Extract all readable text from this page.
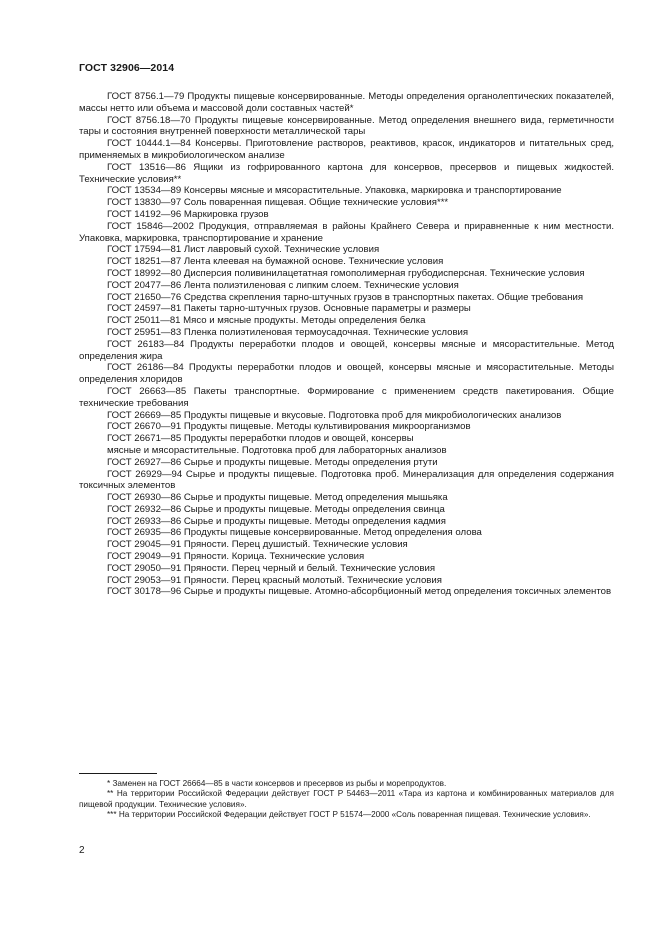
ГОСТ 32906—2014
ГОСТ 8756.1—79 Продукты пищевые консервированные. Методы определения органолептических показателей, массы нетто или объема и массовой доли составных частей*
ГОСТ 8756.18—70 Продукты пищевые консервированные. Метод определения внешнего вида, герметичности тары и состояния внутренней поверхности металлической тары
ГОСТ 10444.1—84 Консервы. Приготовление растворов, реактивов, красок, индикаторов и питательных сред, применяемых в микробиологическом анализе
ГОСТ 13516—86 Ящики из гофрированного картона для консервов, пресервов и пищевых жидкостей. Технические условия**
ГОСТ 13534—89 Консервы мясные и мясорастительные. Упаковка, маркировка и транспортирование
ГОСТ 13830—97 Соль поваренная пищевая. Общие технические условия***
ГОСТ 14192—96 Маркировка грузов
ГОСТ 15846—2002 Продукция, отправляемая в районы Крайнего Севера и приравненные к ним местности. Упаковка, маркировка, транспортирование и хранение
ГОСТ 17594—81 Лист лавровый сухой. Технические условия
ГОСТ 18251—87 Лента клеевая на бумажной основе. Технические условия
ГОСТ 18992—80 Дисперсия поливинилацетатная гомополимерная грубодисперсная. Технические условия
ГОСТ 20477—86 Лента полиэтиленовая с липким слоем. Технические условия
ГОСТ 21650—76 Средства скрепления тарно-штучных грузов в транспортных пакетах. Общие требования
ГОСТ 24597—81 Пакеты тарно-штучных грузов. Основные параметры и размеры
ГОСТ 25011—81 Мясо и мясные продукты. Методы определения белка
ГОСТ 25951—83 Пленка полиэтиленовая термоусадочная. Технические условия
ГОСТ 26183—84 Продукты переработки плодов и овощей, консервы мясные и мясорастительные. Метод определения жира
ГОСТ 26186—84 Продукты переработки плодов и овощей, консервы мясные и мясорастительные. Методы определения хлоридов
ГОСТ 26663—85 Пакеты транспортные. Формирование с применением средств пакетирования. Общие технические требования
ГОСТ 26669—85 Продукты пищевые и вкусовые. Подготовка проб для микробиологических анализов
ГОСТ 26670—91 Продукты пищевые. Методы культивирования микроорганизмов
ГОСТ 26671—85 Продукты переработки плодов и овощей, консервы
мясные и мясорастительные. Подготовка проб для лабораторных анализов
ГОСТ 26927—86 Сырье и продукты пищевые. Методы определения ртути
ГОСТ 26929—94 Сырье и продукты пищевые. Подготовка проб. Минерализация для определения содержания токсичных элементов
ГОСТ 26930—86 Сырье и продукты пищевые. Метод определения мышьяка
ГОСТ 26932—86 Сырье и продукты пищевые. Методы определения свинца
ГОСТ 26933—86 Сырье и продукты пищевые. Методы определения кадмия
ГОСТ 26935—86 Продукты пищевые консервированные. Метод определения олова
ГОСТ 29045—91 Пряности. Перец душистый. Технические условия
ГОСТ 29049—91 Пряности. Корица. Технические условия
ГОСТ 29050—91 Пряности. Перец черный и белый. Технические условия
ГОСТ 29053—91 Пряности. Перец красный молотый. Технические условия
ГОСТ 30178—96 Сырье и продукты пищевые. Атомно-абсорбционный метод определения токсичных элементов
* Заменен на ГОСТ 26664—85 в части консервов и пресервов из рыбы и морепродуктов.
** На территории Российской Федерации действует ГОСТ Р 54463—2011 «Тара из картона и комбинированных материалов для пищевой продукции. Технические условия».
*** На территории Российской Федерации действует ГОСТ Р 51574—2000 «Соль поваренная пищевая. Технические условия».
2
